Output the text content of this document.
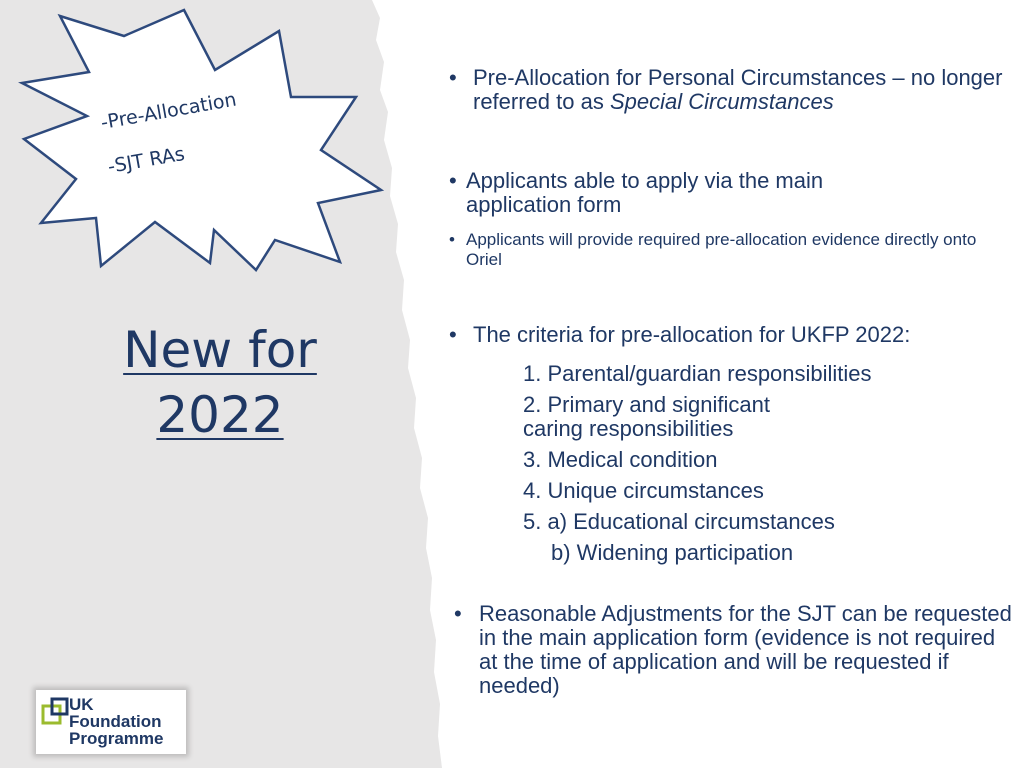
-Pre-Allocation
-SJT RAs
New for
2022
• Pre-Allocation for Personal Circumstances – no longer referred to as Special Circumstances
• Applicants able to apply via the main application form
• Applicants will provide required pre-allocation evidence directly onto Oriel
• The criteria for pre-allocation for UKFP 2022:
1. Parental/guardian responsibilities
2. Primary and significant caring responsibilities
3. Medical condition
4. Unique circumstances
5. a) Educational circumstances
b) Widening participation
• Reasonable Adjustments for the SJT can be requested in the main application form (evidence is not required at the time of application and will be requested if needed)
UK
Foundation
Programme
